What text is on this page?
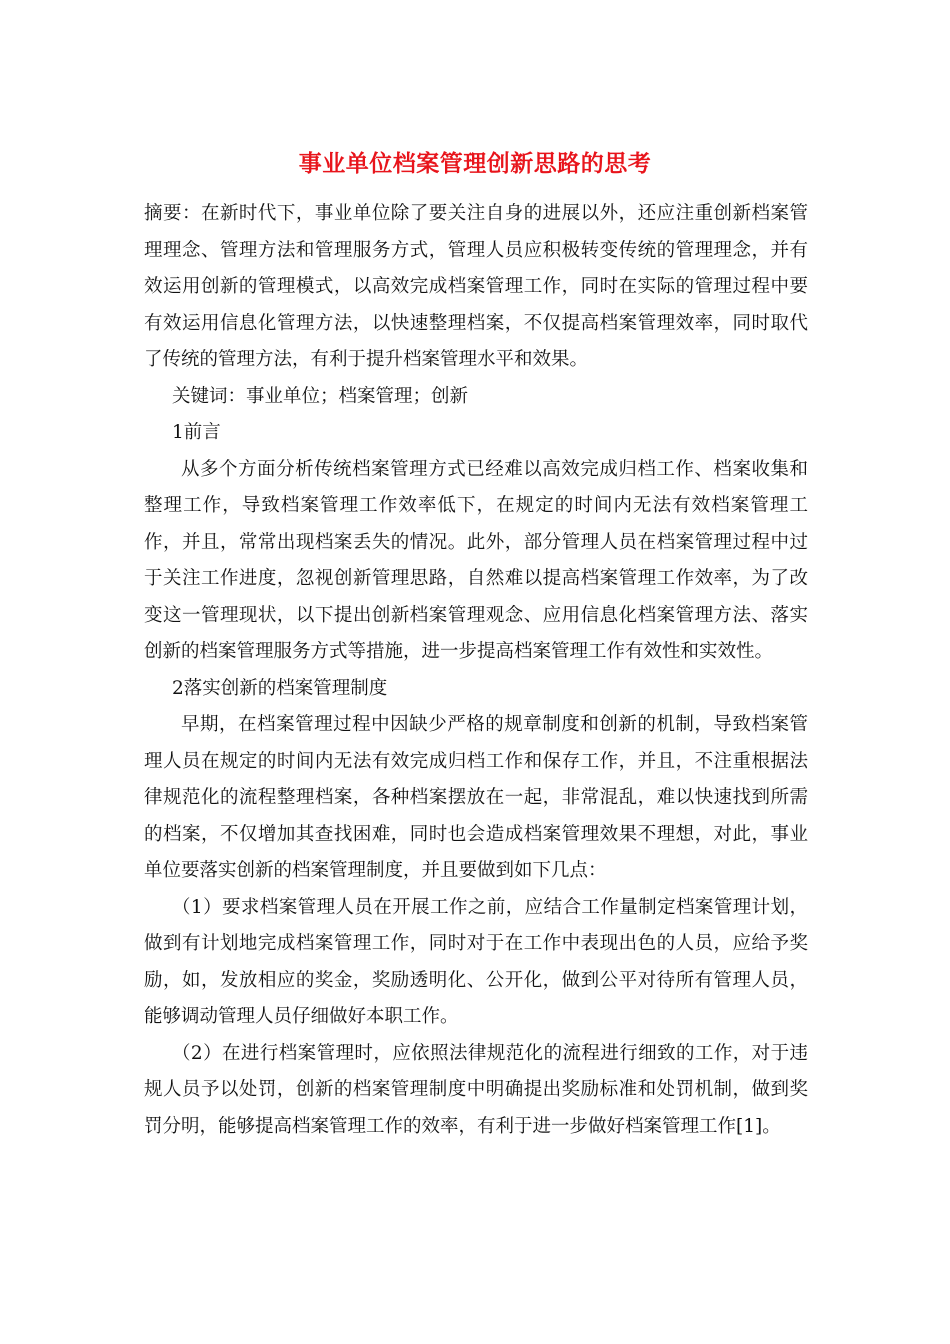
事业单位档案管理创新思路的思考

摘要：在新时代下，事业单位除了要关注自身的进展以外，还应注重创新档案管理理念、管理方法和管理服务方式，管理人员应积极转变传统的管理理念，并有效运用创新的管理模式，以高效完成档案管理工作，同时在实际的管理过程中要有效运用信息化管理方法，以快速整理档案，不仅提高档案管理效率，同时取代了传统的管理方法，有利于提升档案管理水平和效果。

关键词：事业单位；档案管理；创新

1前言

从多个方面分析传统档案管理方式已经难以高效完成归档工作、档案收集和整理工作，导致档案管理工作效率低下，在规定的时间内无法有效档案管理工作，并且，常常出现档案丢失的情况。此外，部分管理人员在档案管理过程中过于关注工作进度，忽视创新管理思路，自然难以提高档案管理工作效率，为了改变这一管理现状，以下提出创新档案管理观念、应用信息化档案管理方法、落实创新的档案管理服务方式等措施，进一步提高档案管理工作有效性和实效性。

2落实创新的档案管理制度

早期，在档案管理过程中因缺少严格的规章制度和创新的机制，导致档案管理人员在规定的时间内无法有效完成归档工作和保存工作，并且，不注重根据法律规范化的流程整理档案，各种档案摆放在一起，非常混乱，难以快速找到所需的档案，不仅增加其查找困难，同时也会造成档案管理效果不理想，对此，事业单位要落实创新的档案管理制度，并且要做到如下几点：

（1）要求档案管理人员在开展工作之前，应结合工作量制定档案管理计划，做到有计划地完成档案管理工作，同时对于在工作中表现出色的人员，应给予奖励，如，发放相应的奖金，奖励透明化、公开化，做到公平对待所有管理人员，能够调动管理人员仔细做好本职工作。

（2）在进行档案管理时，应依照法律规范化的流程进行细致的工作，对于违规人员予以处罚，创新的档案管理制度中明确提出奖励标准和处罚机制，做到奖罚分明，能够提高档案管理工作的效率，有利于进一步做好档案管理工作[1]。
